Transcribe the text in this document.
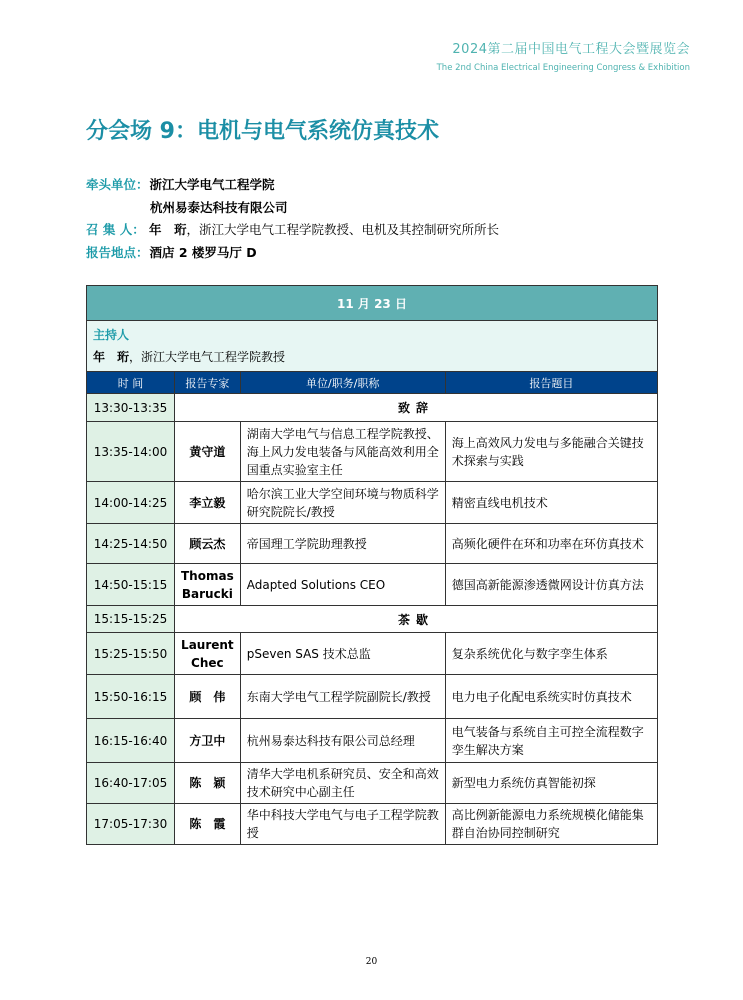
2024第二届中国电气工程大会暨展览会
The 2nd China Electrical Engineering Congress & Exhibition
分会场 9：电机与电气系统仿真技术
牵头单位：浙江大学电气工程学院
杭州易泰达科技有限公司
召 集 人： 年　珩，浙江大学电气工程学院教授、电机及其控制研究所所长
报告地点：酒店 2 楼罗马厅 D
11 月 23 日			

主持人
年　珩，浙江大学电气工程学院教授			

时 间	报告专家	单位/职务/职称	报告题目
13:30-13:35	致辞		
13:35-14:00	黄守道	湖南大学电气与信息工程学院教授、海上风力发电装备与风能高效利用全国重点实验室主任	海上高效风力发电与多能融合关键技术探索与实践
14:00-14:25	李立毅	哈尔滨工业大学空间环境与物质科学研究院院长/教授	精密直线电机技术
14:25-14:50	顾云杰	帝国理工学院助理教授	高频化硬件在环和功率在环仿真技术
14:50-15:15	Thomas Barucki	Adapted Solutions CEO	德国高新能源渗透微网设计仿真方法
15:15-15:25	茶歇		
15:25-15:50	Laurent Chec	pSeven SAS 技术总监	复杂系统优化与数字孪生体系
15:50-16:15	顾　伟	东南大学电气工程学院副院长/教授	电力电子化配电系统实时仿真技术
16:15-16:40	方卫中	杭州易泰达科技有限公司总经理	电气装备与系统自主可控全流程数字孪生解决方案
16:40-17:05	陈　颖	清华大学电机系研究员、安全和高效技术研究中心副主任	新型电力系统仿真智能初探
17:05-17:30	陈　霞	华中科技大学电气与电子工程学院教授	高比例新能源电力系统规模化储能集群自治协同控制研究
20
